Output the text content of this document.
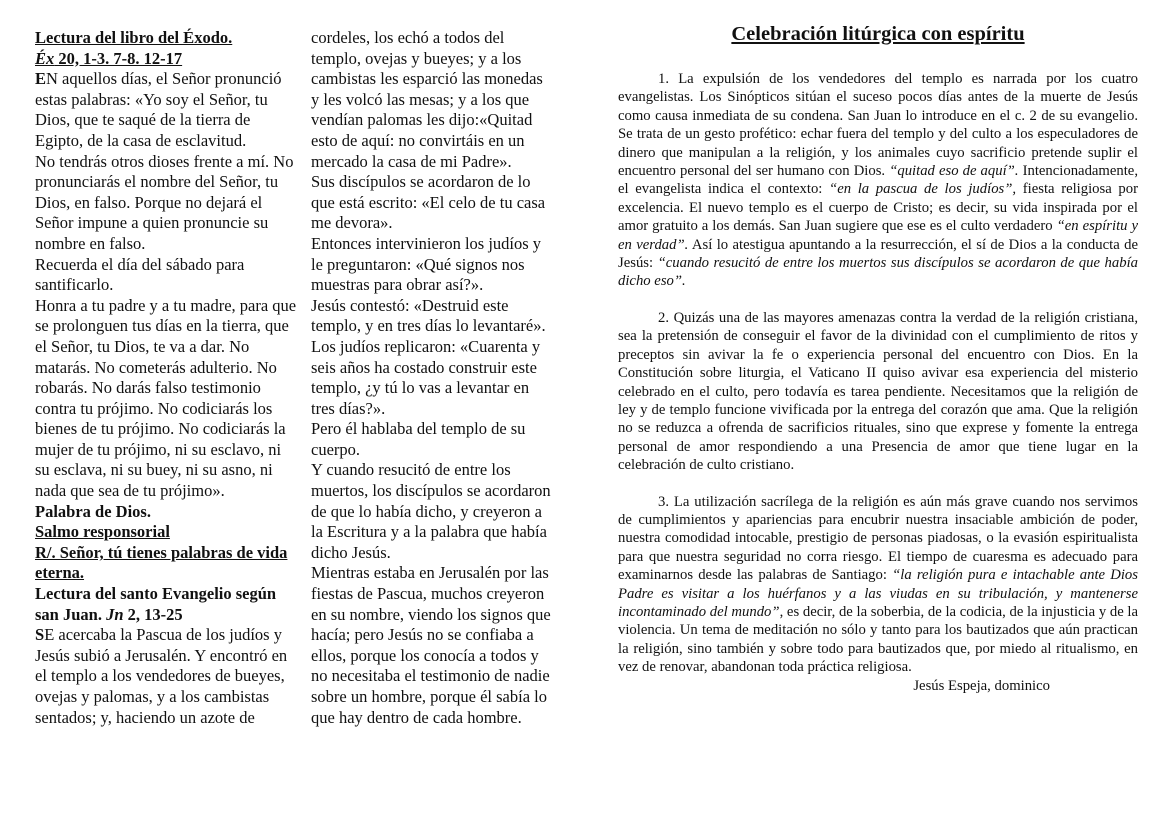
Lectura del libro del Éxodo.

Éx 20, 1-3. 7-8. 12-17

EN aquellos días, el Señor pronunció estas palabras: «Yo soy el Señor, tu Dios, que te saqué de la tierra de Egipto, de la casa de esclavitud.

No tendrás otros dioses frente a mí. No pronunciarás el nombre del Señor, tu Dios, en falso. Porque no dejará el Señor impune a quien pronuncie su nombre en falso.

Recuerda el día del sábado para santificarlo.

Honra a tu padre y a tu madre, para que se prolonguen tus días en la tierra, que el Señor, tu Dios, te va a dar. No matarás. No cometerás adulterio. No robarás. No darás falso testimonio contra tu prójimo. No codiciarás los bienes de tu prójimo. No codiciarás la mujer de tu prójimo, ni su esclavo, ni su esclava, ni su buey, ni su asno, ni nada que sea de tu prójimo».

Palabra de Dios.

Salmo responsorial

R/. Señor, tú tienes palabras de vida eterna.

Lectura del santo Evangelio según san Juan. Jn 2, 13-25

SE acercaba la Pascua de los judíos y Jesús subió a Jerusalén. Y encontró en el templo a los vendedores de bueyes, ovejas y palomas, y a los cambistas sentados; y, haciendo un azote de

cordeles, los echó a todos del templo, ovejas y bueyes; y a los cambistas les esparció las monedas y les volcó las mesas; y a los que vendían palomas les dijo:«Quitad esto de aquí: no convirtáis en un mercado la casa de mi Padre».

Sus discípulos se acordaron de lo que está escrito: «El celo de tu casa me devora».

Entonces intervinieron los judíos y le preguntaron: «Qué signos nos muestras para obrar así?».

Jesús contestó: «Destruid este templo, y en tres días lo levantaré».

Los judíos replicaron: «Cuarenta y seis años ha costado construir este templo, ¿y tú lo vas a levantar en tres días?».

Pero él hablaba del templo de su cuerpo.

Y cuando resucitó de entre los muertos, los discípulos se acordaron de que lo había dicho, y creyeron a la Escritura y a la palabra que había dicho Jesús.

Mientras estaba en Jerusalén por las fiestas de Pascua, muchos creyeron en su nombre, viendo los signos que hacía; pero Jesús no se confiaba a ellos, porque los conocía a todos y no necesitaba el testimonio de nadie sobre un hombre, porque él sabía lo que hay dentro de cada hombre.

Celebración litúrgica con espíritu

1. La expulsión de los vendedores del templo es narrada por los cuatro evangelistas. Los Sinópticos sitúan el suceso pocos días antes de la muerte de Jesús como causa inmediata de su condena. San Juan lo introduce en el c. 2 de su evangelio. Se trata de un gesto profético: echar fuera del templo y del culto a los especuladores de dinero que manipulan a la religión, y los animales cuyo sacrificio pretende suplir el encuentro personal del ser humano con Dios. “quitad eso de aquí”. Intencionadamente, el evangelista indica el contexto: “en la pascua de los judíos”, fiesta religiosa por excelencia. El nuevo templo es el cuerpo de Cristo; es decir, su vida inspirada por el amor gratuito a los demás. San Juan sugiere que ese es el culto verdadero “en espíritu y en verdad”. Así lo atestigua apuntando a la resurrección, el sí de Dios a la conducta de Jesús: “cuando resucitó de entre los muertos sus discípulos se acordaron de que había dicho eso”.

2. Quizás una de las mayores amenazas contra la verdad de la religión cristiana, sea la pretensión de conseguir el favor de la divinidad con el cumplimiento de ritos y preceptos sin avivar la fe o experiencia personal del encuentro con Dios. En la Constitución sobre liturgia, el Vaticano II quiso avivar esa experiencia del misterio celebrado en el culto, pero todavía es tarea pendiente. Necesitamos que la religión de ley y de templo funcione vivificada por la entrega del corazón que ama. Que la religión no se reduzca a ofrenda de sacrificios rituales, sino que exprese y fomente la entrega personal de amor respondiendo a una Presencia de amor que tiene lugar en la celebración de culto cristiano.

3. La utilización sacrílega de la religión es aún más grave cuando nos servimos de cumplimientos y apariencias para encubrir nuestra insaciable ambición de poder, nuestra comodidad intocable, prestigio de personas piadosas, o la evasión espiritualista para que nuestra seguridad no corra riesgo. El tiempo de cuaresma es adecuado para examinarnos desde las palabras de Santiago: “la religión pura e intachable ante Dios Padre es visitar a los huérfanos y a las viudas en su tribulación, y mantenerse incontaminado del mundo”, es decir, de la soberbia, de la codicia, de la injusticia y de la violencia. Un tema de meditación no sólo y tanto para los bautizados que aún practican la religión, sino también y sobre todo para bautizados que, por miedo al ritualismo, en vez de renovar, abandonan toda práctica religiosa.

Jesús Espeja, dominico
